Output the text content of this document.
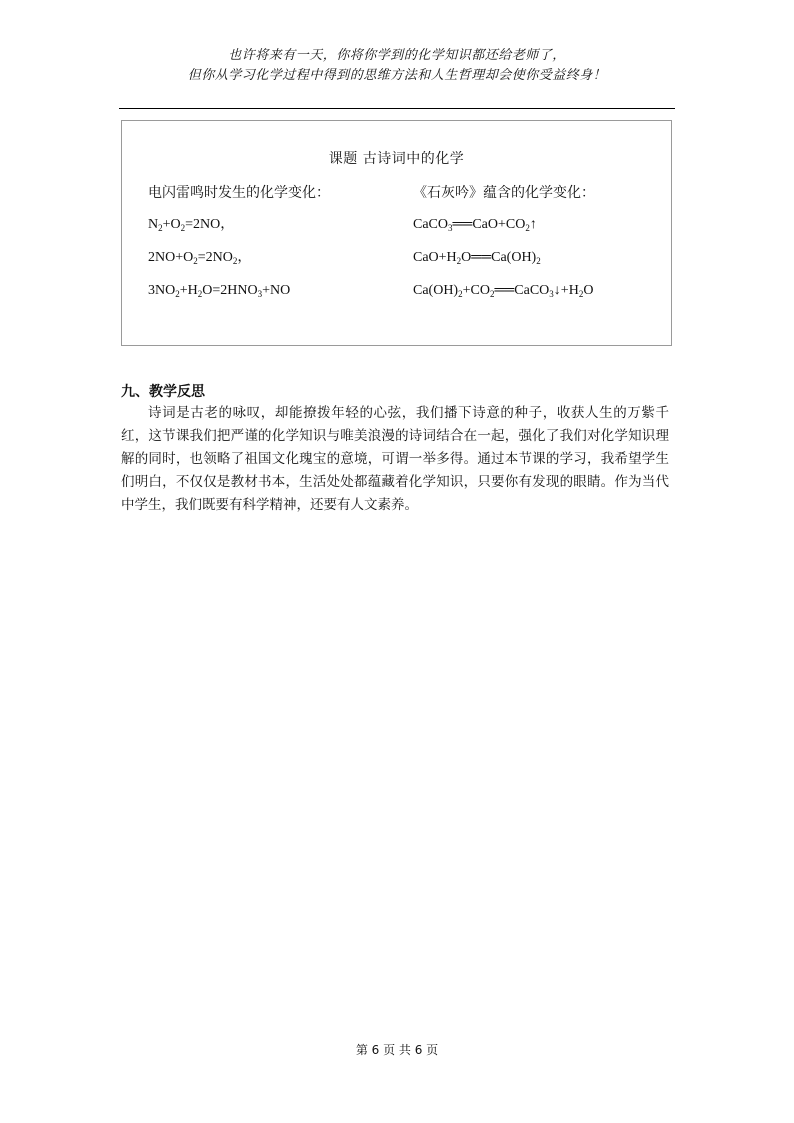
也许将来有一天，你将你学到的化学知识都还给老师了，
但你从学习化学过程中得到的思维方法和人生哲理却会使你受益终身！
课题 古诗词中的化学
电闪雷鸣时发生的化学变化：
$N_2+O_2=2NO$，
$2NO+O_2=2NO_2$，
$3NO_2+H_2O=2HNO_3+NO$
《石灰吟》蕴含的化学变化：
$CaCO_3══CaO+CO_2↑$
$CaO+H_2O══Ca(OH)_2$
$Ca(OH)_2+CO_2══CaCO_3↓+H_2O$
九、教学反思

诗词是古老的咏叹，却能撩拨年轻的心弦，我们播下诗意的种子，收获人生的万紫千红，这节课我们把严谨的化学知识与唯美浪漫的诗词结合在一起，强化了我们对化学知识理解的同时，也领略了祖国文化瑰宝的意境，可谓一举多得。通过本节课的学习，我希望学生们明白，不仅仅是教材书本，生活处处都蕴藏着化学知识，只要你有发现的眼睛。作为当代中学生，我们既要有科学精神，还要有人文素养。

第 6 页 共 6 页
